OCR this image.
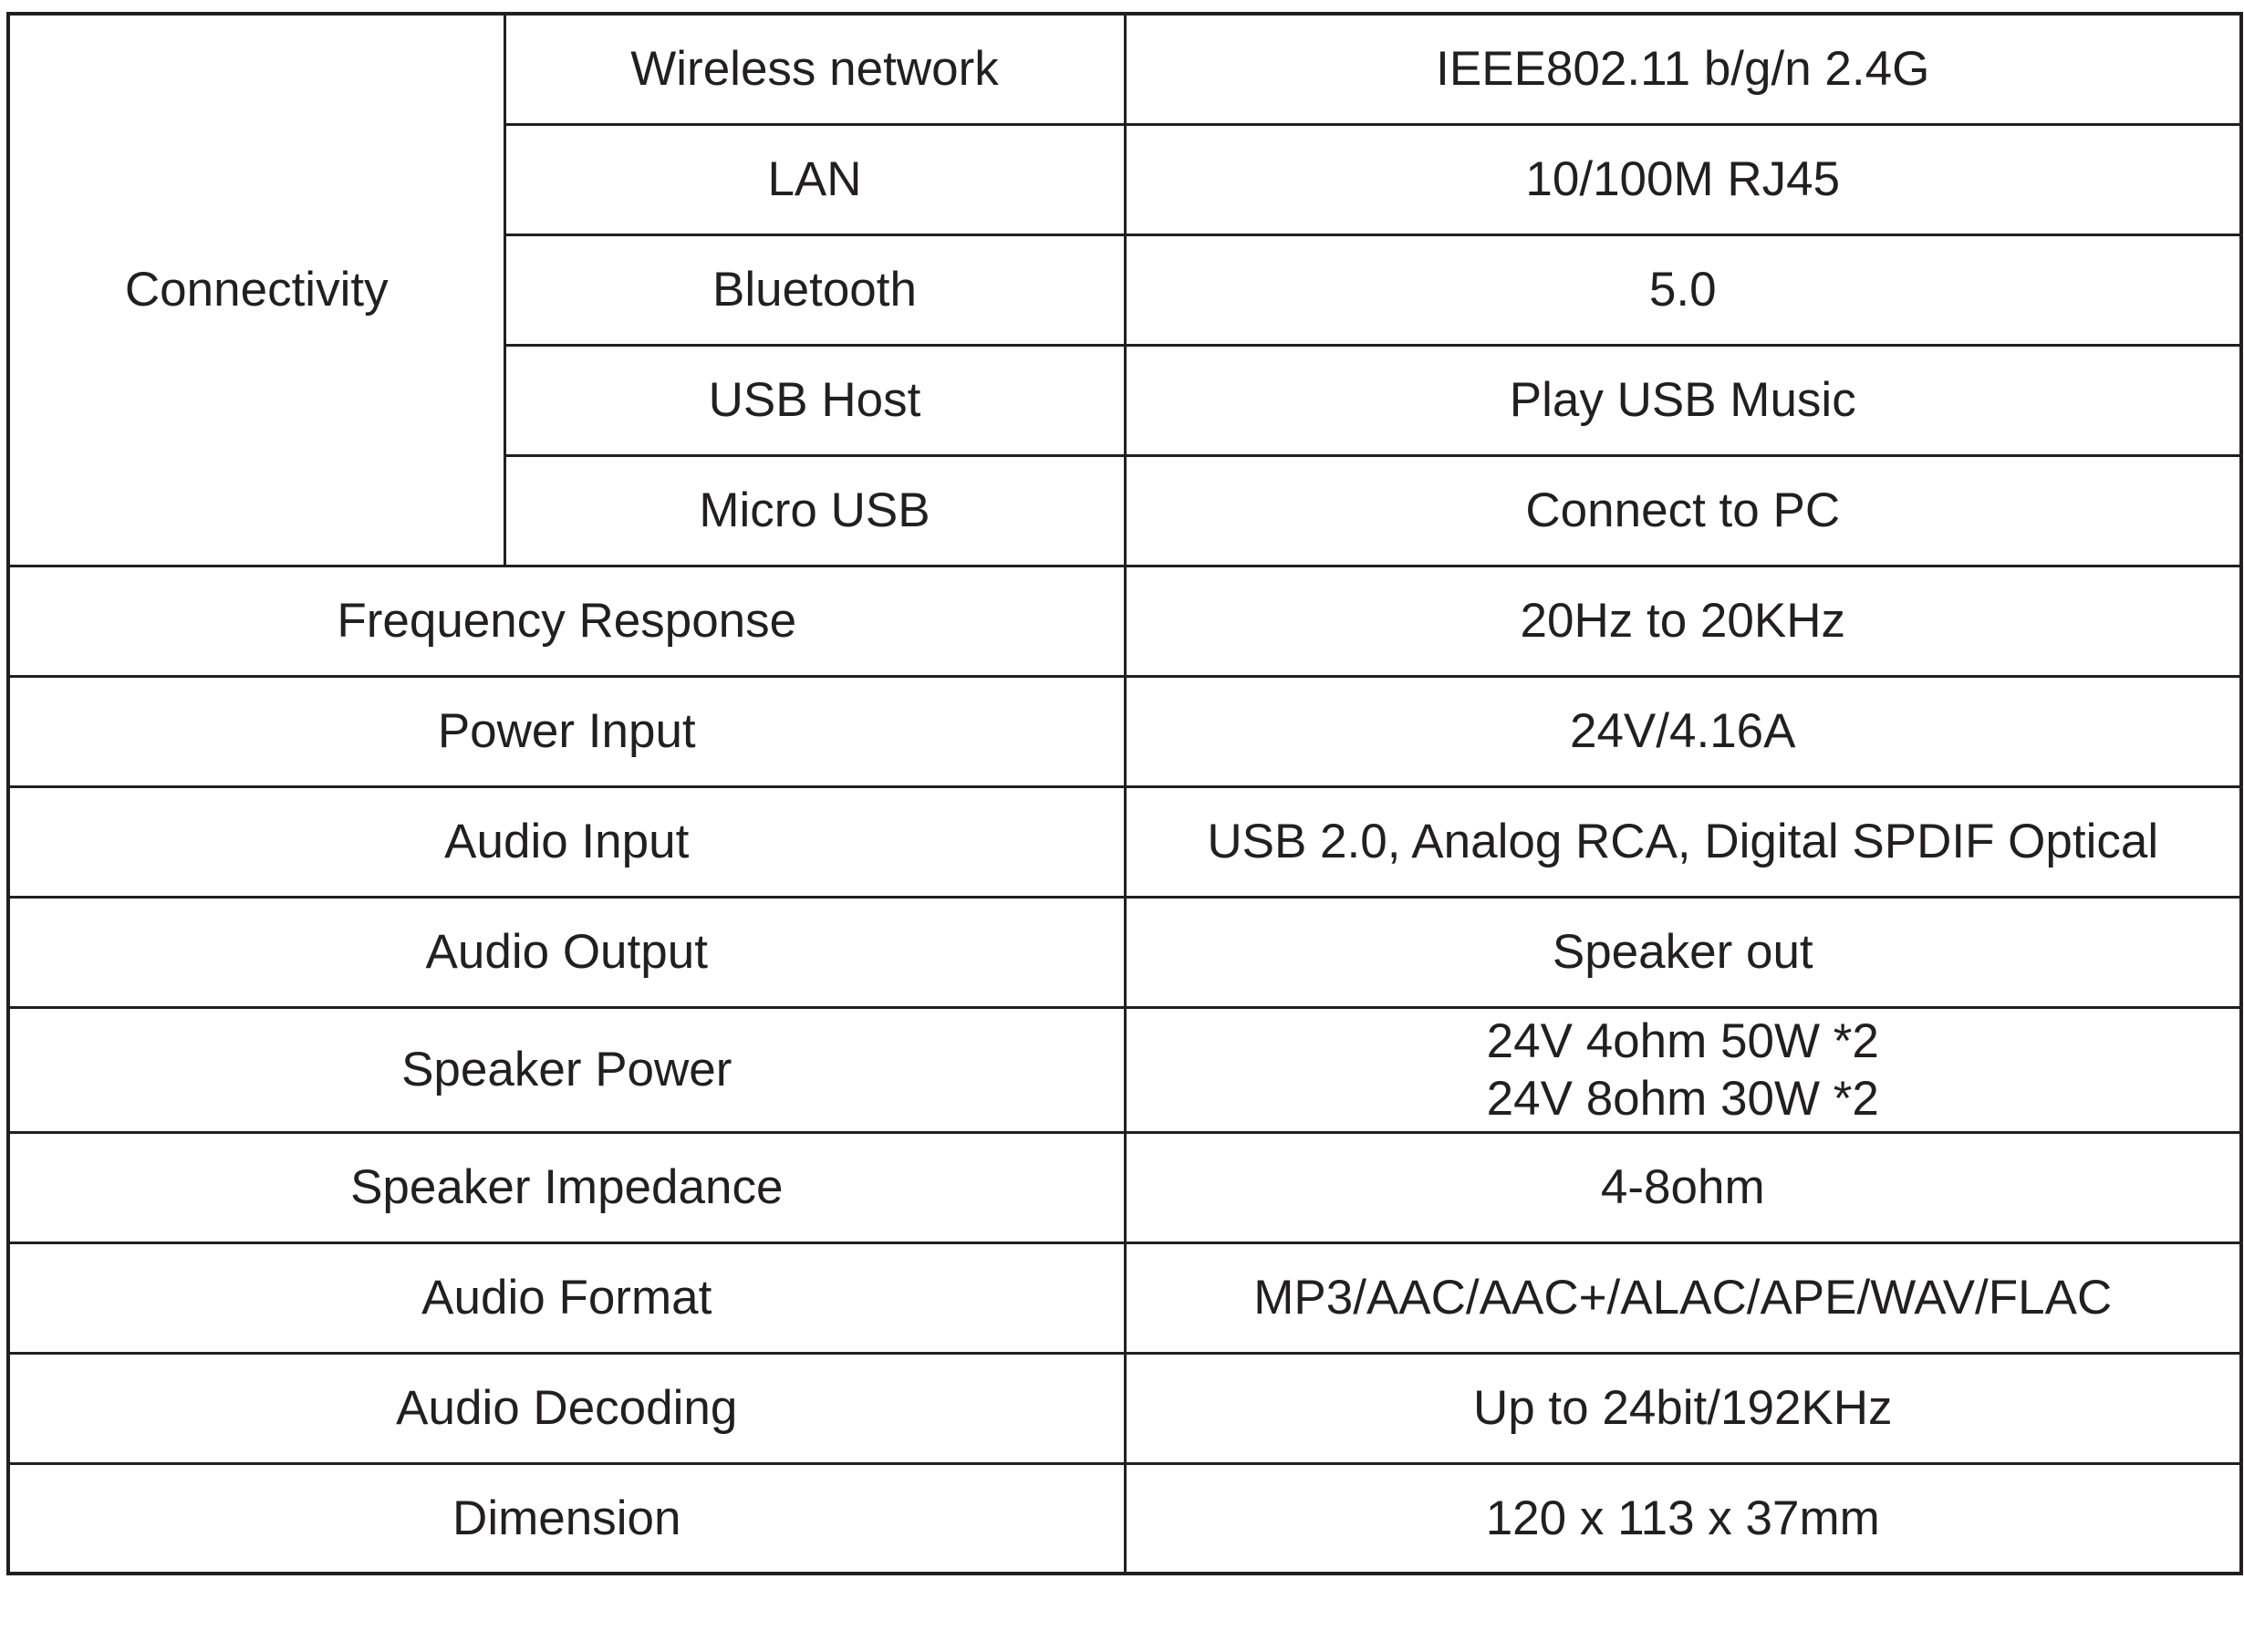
Connectivity	Wireless network	IEEE802.11 b/g/n 2.4G
	LAN	10/100M RJ45
	Bluetooth	5.0
	USB Host	Play USB Music
	Micro USB	Connect to PC
Frequency Response		20Hz to 20KHz
Power Input		24V/4.16A
Audio Input		USB 2.0, Analog RCA, Digital SPDIF Optical
Audio Output		Speaker out
Speaker Power		24V 4ohm 50W *2
24V 8ohm 30W *2

Speaker Impedance		4-8ohm
Audio Format		MP3/AAC/AAC+/ALAC/APE/WAV/FLAC
Audio Decoding		Up to 24bit/192KHz
Dimension		120 x 113 x 37mm
